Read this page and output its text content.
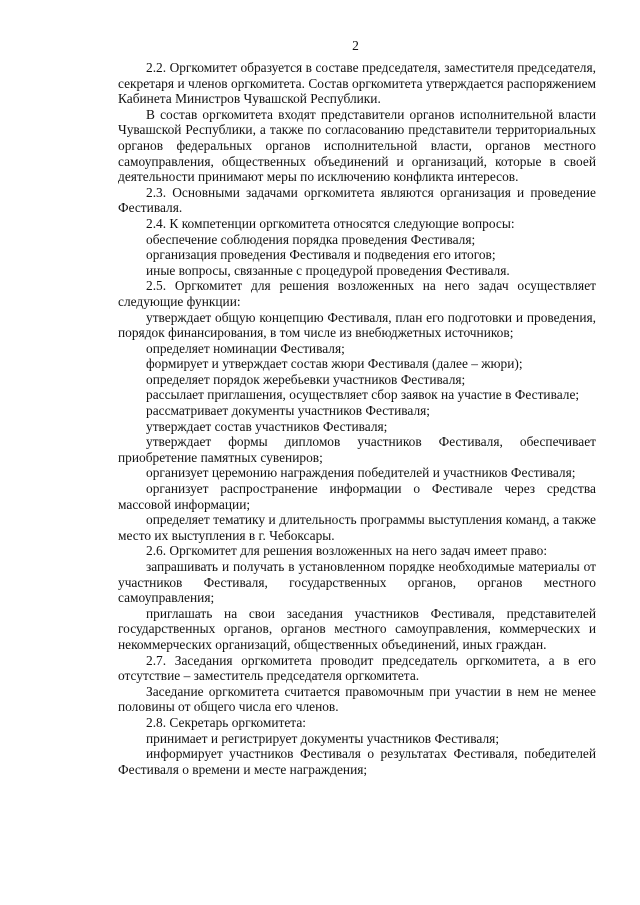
2

2.2. Оргкомитет образуется в составе председателя, заместителя председателя, секретаря и членов оргкомитета. Состав оргкомитета утверждается распоряжением Кабинета Министров Чувашской Республики.

В состав оргкомитета входят представители органов исполнительной власти Чувашской Республики, а также по согласованию представители территориальных органов федеральных органов исполнительной власти, органов местного самоуправления, общественных объединений и организаций, которые в своей деятельности принимают меры по исключению конфликта интересов.

2.3. Основными задачами оргкомитета являются организация и проведение Фестиваля.

2.4. К компетенции оргкомитета относятся следующие вопросы:

обеспечение соблюдения порядка проведения Фестиваля;

организация проведения Фестиваля и подведения его итогов;

иные вопросы, связанные с процедурой проведения Фестиваля.

2.5. Оргкомитет для решения возложенных на него задач осуществляет следующие функции:

утверждает общую концепцию Фестиваля, план его подготовки и проведения, порядок финансирования, в том числе из внебюджетных источников;

определяет номинации Фестиваля;

формирует и утверждает состав жюри Фестиваля (далее – жюри);

определяет порядок жеребьевки участников Фестиваля;

рассылает приглашения, осуществляет сбор заявок на участие в Фестивале;

рассматривает документы участников Фестиваля;

утверждает состав участников Фестиваля;

утверждает формы дипломов участников Фестиваля, обеспечивает приобретение памятных сувениров;

организует церемонию награждения победителей и участников Фестиваля;

организует распространение информации о Фестивале через средства массовой информации;

определяет тематику и длительность программы выступления команд, а также место их выступления в г. Чебоксары.

2.6. Оргкомитет для решения возложенных на него задач имеет право:

запрашивать и получать в установленном порядке необходимые материалы от участников Фестиваля, государственных органов, органов местного самоуправления;

приглашать на свои заседания участников Фестиваля, представителей государственных органов, органов местного самоуправления, коммерческих и некоммерческих организаций, общественных объединений, иных граждан.

2.7. Заседания оргкомитета проводит председатель оргкомитета, а в его отсутствие – заместитель председателя оргкомитета.

Заседание оргкомитета считается правомочным при участии в нем не менее половины от общего числа его членов.

2.8. Секретарь оргкомитета:

принимает и регистрирует документы участников Фестиваля;

информирует участников Фестиваля о результатах Фестиваля, победителей Фестиваля о времени и месте награждения;
